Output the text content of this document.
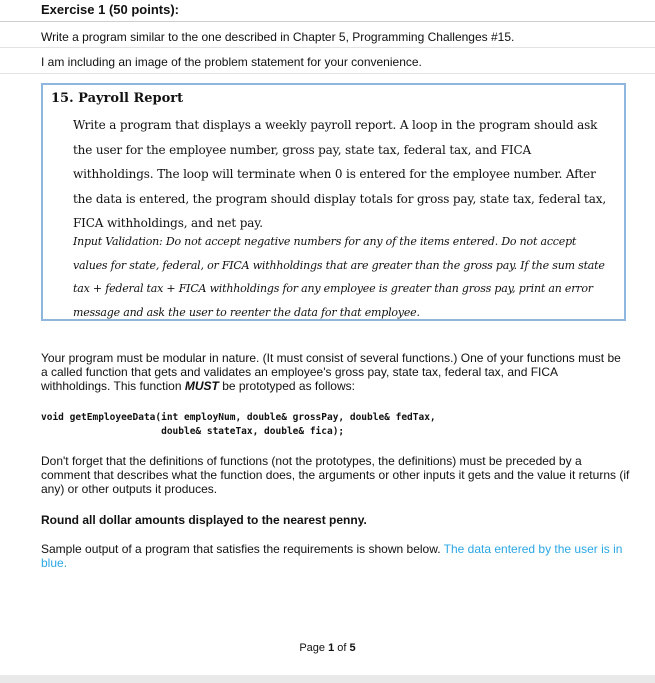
Exercise 1 (50 points):
Write a program similar to the one described in Chapter 5, Programming Challenges #15.
I am including an image of the problem statement for your convenience.
15. Payroll Report
Write a program that displays a weekly payroll report. A loop in the program should ask
the user for the employee number, gross pay, state tax, federal tax, and FICA
withholdings. The loop will terminate when 0 is entered for the employee number. After
the data is entered, the program should display totals for gross pay, state tax, federal tax,
FICA withholdings, and net pay.
Input Validation: Do not accept negative numbers for any of the items entered. Do not accept
values for state, federal, or FICA withholdings that are greater than the gross pay. If the sum state
tax + federal tax + FICA withholdings for any employee is greater than gross pay, print an error
message and ask the user to reenter the data for that employee.
Your program must be modular in nature. (It must consist of several functions.) One of your functions must be
a called function that gets and validates an employee's gross pay, state tax, federal tax, and FICA
withholdings. This function MUST be prototyped as follows:
void getEmployeeData(int employNum, double& grossPay, double& fedTax,
double& stateTax, double& fica);
Don't forget that the definitions of functions (not the prototypes, the definitions) must be preceded by a
comment that describes what the function does, the arguments or other inputs it gets and the value it returns (if
any) or other outputs it produces.
Round all dollar amounts displayed to the nearest penny.
Sample output of a program that satisfies the requirements is shown below. The data entered by the user is in
blue.
Page 1 of 5
